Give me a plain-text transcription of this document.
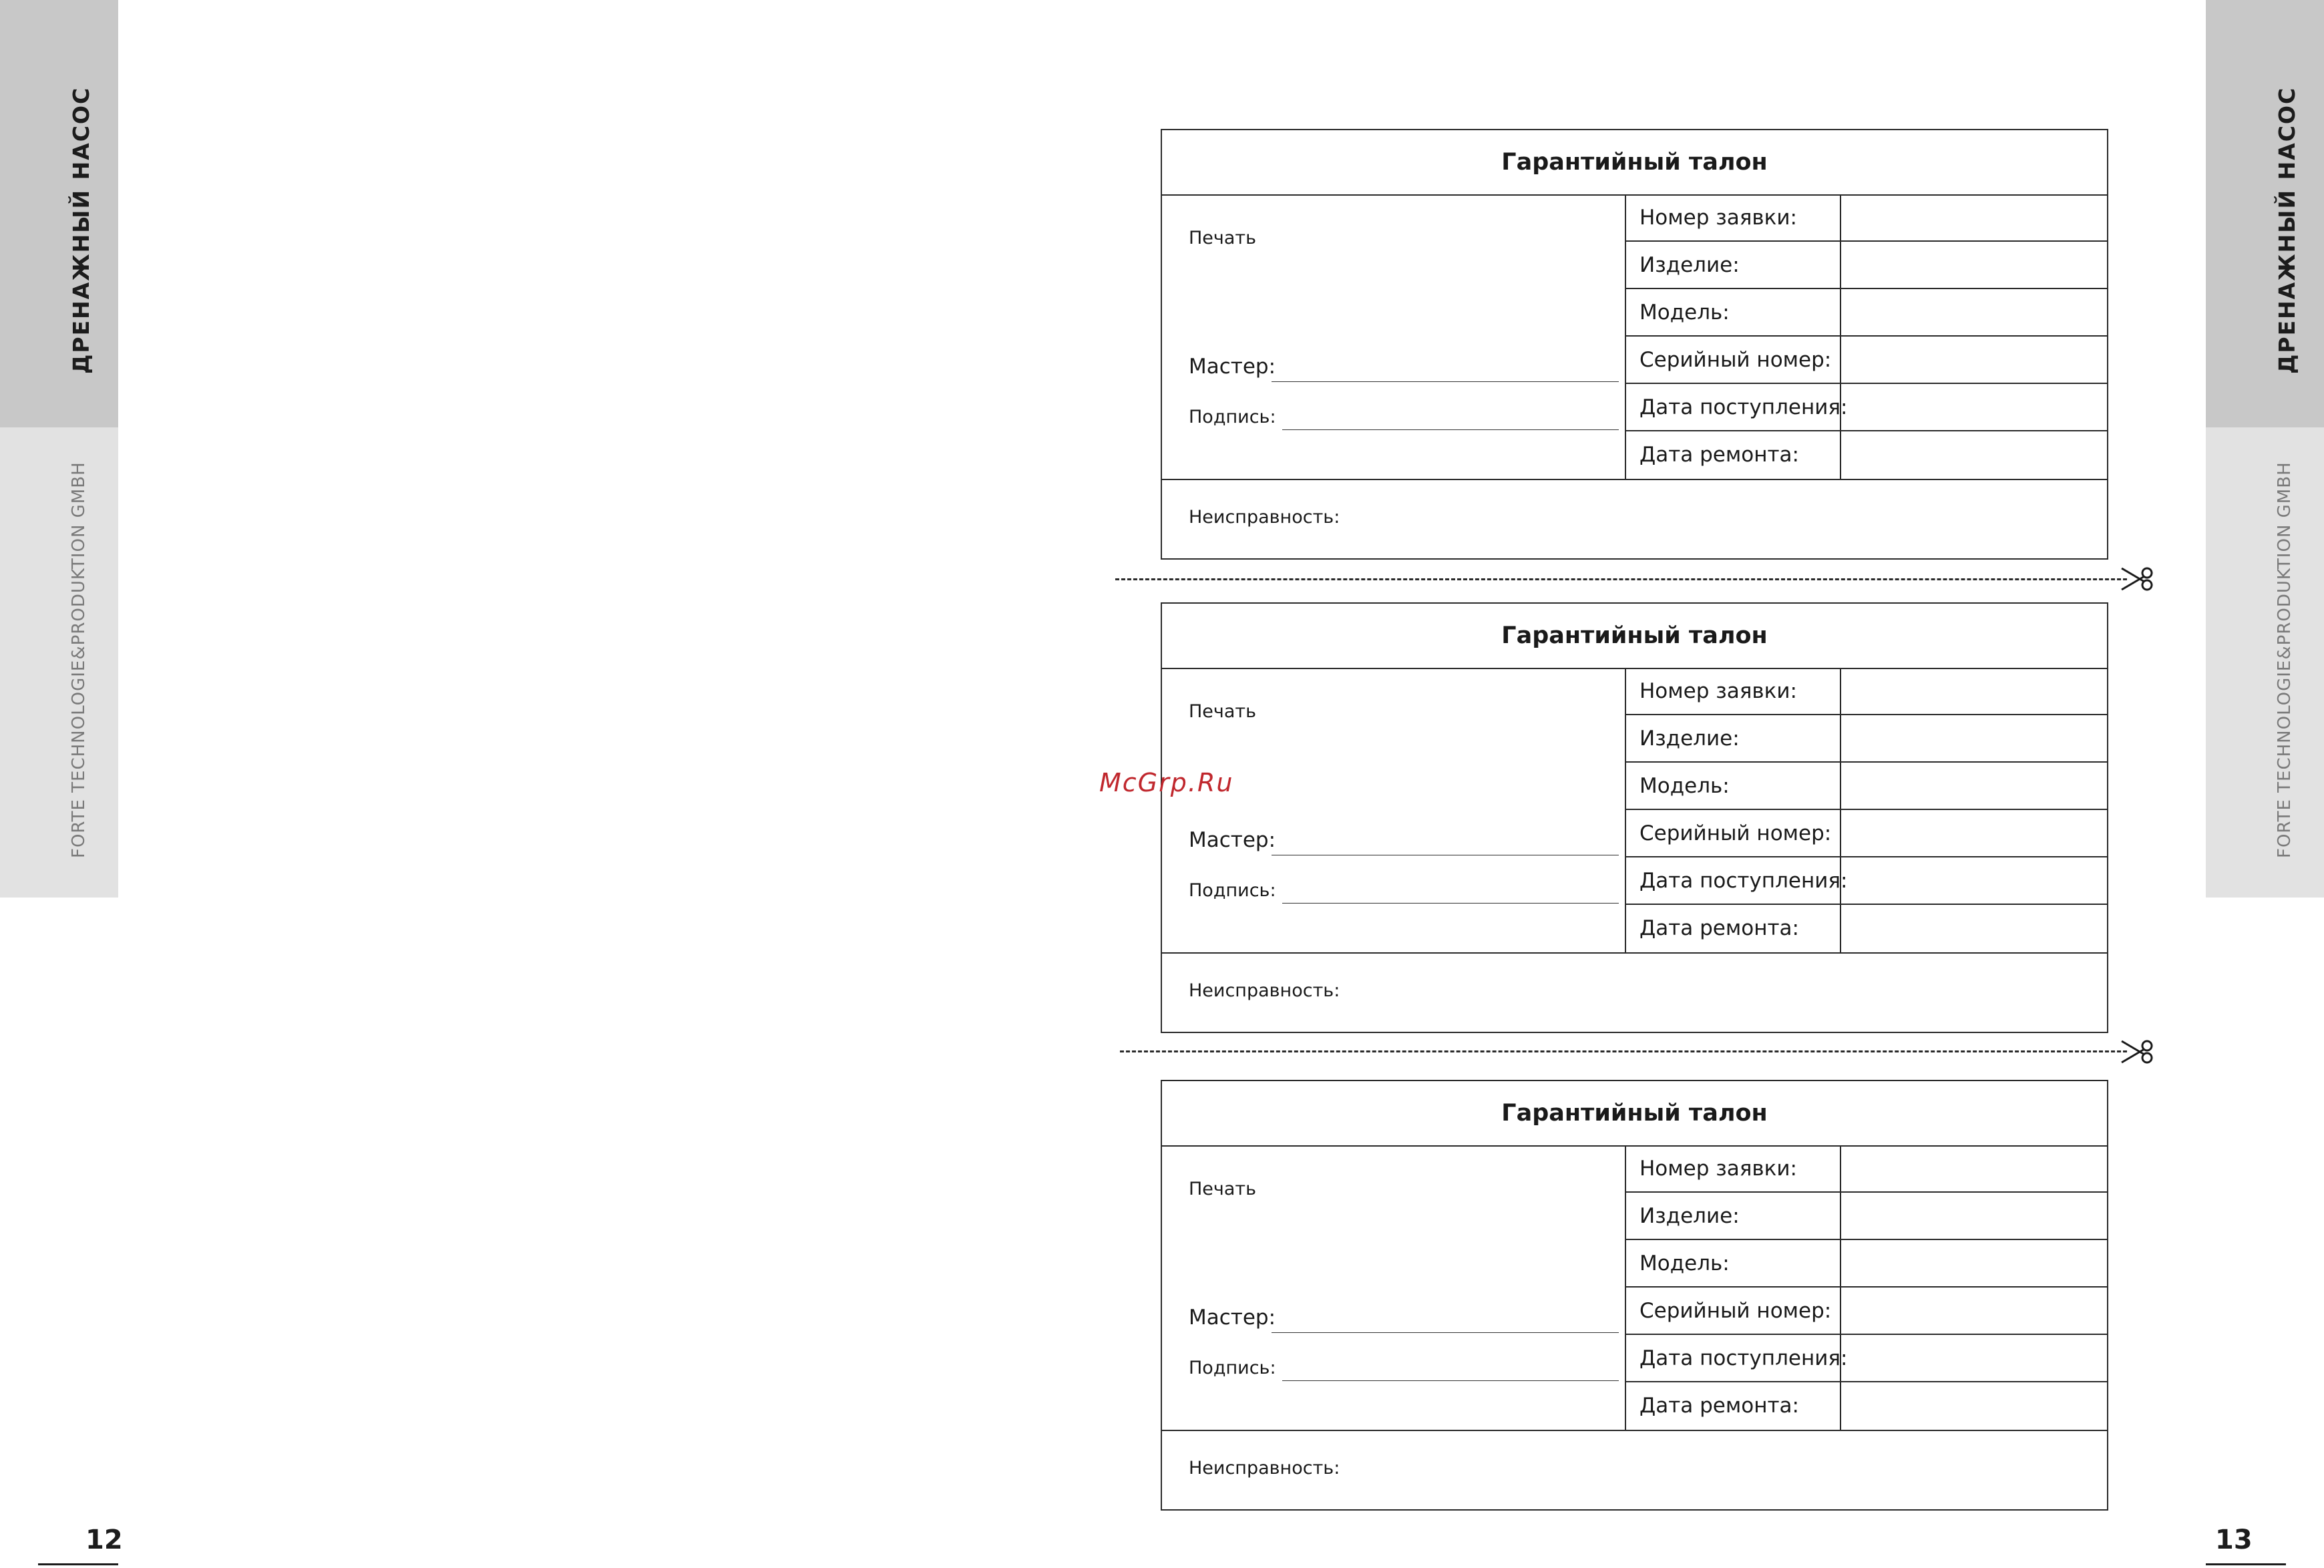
ДРЕНАЖНЫЙ НАСОС
FORTE TECHNOLOGIE&PRODUKTION GMBH
12
ДРЕНАЖНЫЙ НАСОС
FORTE TECHNOLOGIE&PRODUKTION GMBH
13
Гарантийный талон
Печать
Мастер:
Подпись:
Номер заявки:
Изделие:
Модель:
Серийный номер:
Дата поступления:
Дата ремонта:
Неисправность:
Гарантийный талон
Печать
Мастер:
Подпись:
Номер заявки:
Изделие:
Модель:
Серийный номер:
Дата поступления:
Дата ремонта:
Неисправность:
Гарантийный талон
Печать
Мастер:
Подпись:
Номер заявки:
Изделие:
Модель:
Серийный номер:
Дата поступления:
Дата ремонта:
Неисправность:
McGrp.Ru
